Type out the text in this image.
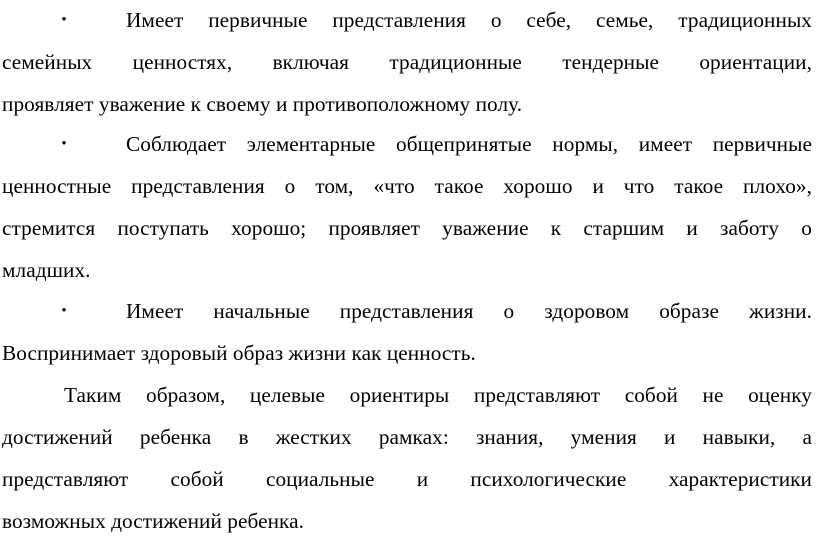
•	Имеет первичные представления о себе, семье, традиционных
семейных ценностях, включая традиционные тендерные ориентации,
проявляет уважение к своему и противоположному полу.
•	Соблюдает элементарные общепринятые нормы, имеет первичные
ценностные представления о том, «что такое хорошо и что такое плохо»,
стремится поступать хорошо; проявляет уважение к старшим и заботу о
младших.
•	Имеет начальные представления о здоровом образе жизни.
Воспринимает здоровый образ жизни как ценность.
Таким образом, целевые ориентиры представляют собой не оценку
достижений ребенка в жестких рамках: знания, умения и навыки, а
представляют собой социальные и психологические характеристики
возможных достижений ребенка.
